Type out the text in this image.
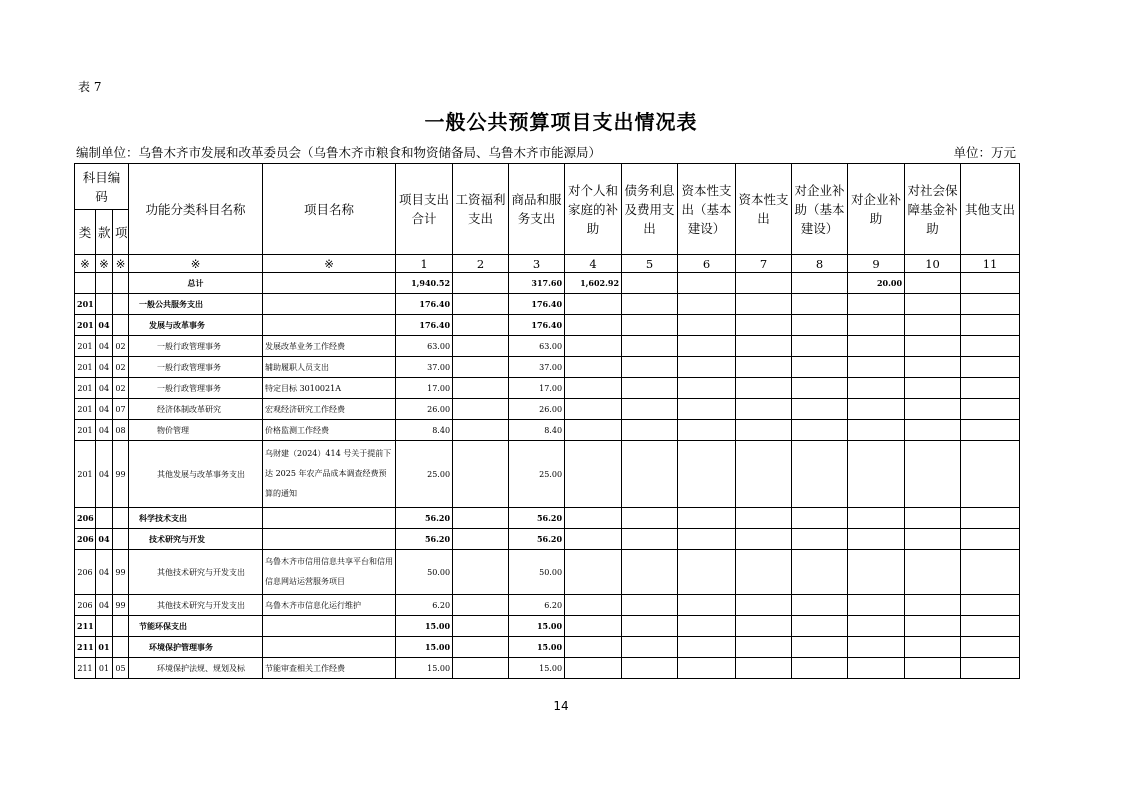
表 7
一般公共预算项目支出情况表
编制单位：乌鲁木齐市发展和改革委员会（乌鲁木齐市粮食和物资储备局、乌鲁木齐市能源局）	单位：万元
科目编码			功能分类科目名称	项目名称	项目支出合计	工资福利支出	商品和服务支出	对个人和家庭的补助	债务利息及费用支出	资本性支出（基本建设）	资本性支出	对企业补助（基本建设）	对企业补助	对社会保障基金补助	其他支出
类	款	项													
※	※	※	※	※	1	2	3	4	5	6	7	8	9	10	11
			总计		1,940.52		317.60	1,602.92					20.00		
201			一般公共服务支出		176.40		176.40								
201	04		发展与改革事务		176.40		176.40								
201	04	02	一般行政管理事务	发展改革业务工作经费	63.00		63.00								
201	04	02	一般行政管理事务	辅助履职人员支出	37.00		37.00								
201	04	02	一般行政管理事务	特定目标 3010021A	17.00		17.00								
201	04	07	经济体制改革研究	宏观经济研究工作经费	26.00		26.00								
201	04	08	物价管理	价格监测工作经费	8.40		8.40								
201	04	99	其他发展与改革事务支出	乌财建（2024）414 号关于提前下达 2025 年农产品成本调查经费预算的通知	25.00		25.00								
206			科学技术支出		56.20		56.20								
206	04		技术研究与开发		56.20		56.20								
206	04	99	其他技术研究与开发支出	乌鲁木齐市信用信息共享平台和信用信息网站运营服务项目	50.00		50.00								
206	04	99	其他技术研究与开发支出	乌鲁木齐市信息化运行维护	6.20		6.20								
211			节能环保支出		15.00		15.00								
211	01		环境保护管理事务		15.00		15.00								
211	01	05	环境保护法规、规划及标	节能审查相关工作经费	15.00		15.00								
14
